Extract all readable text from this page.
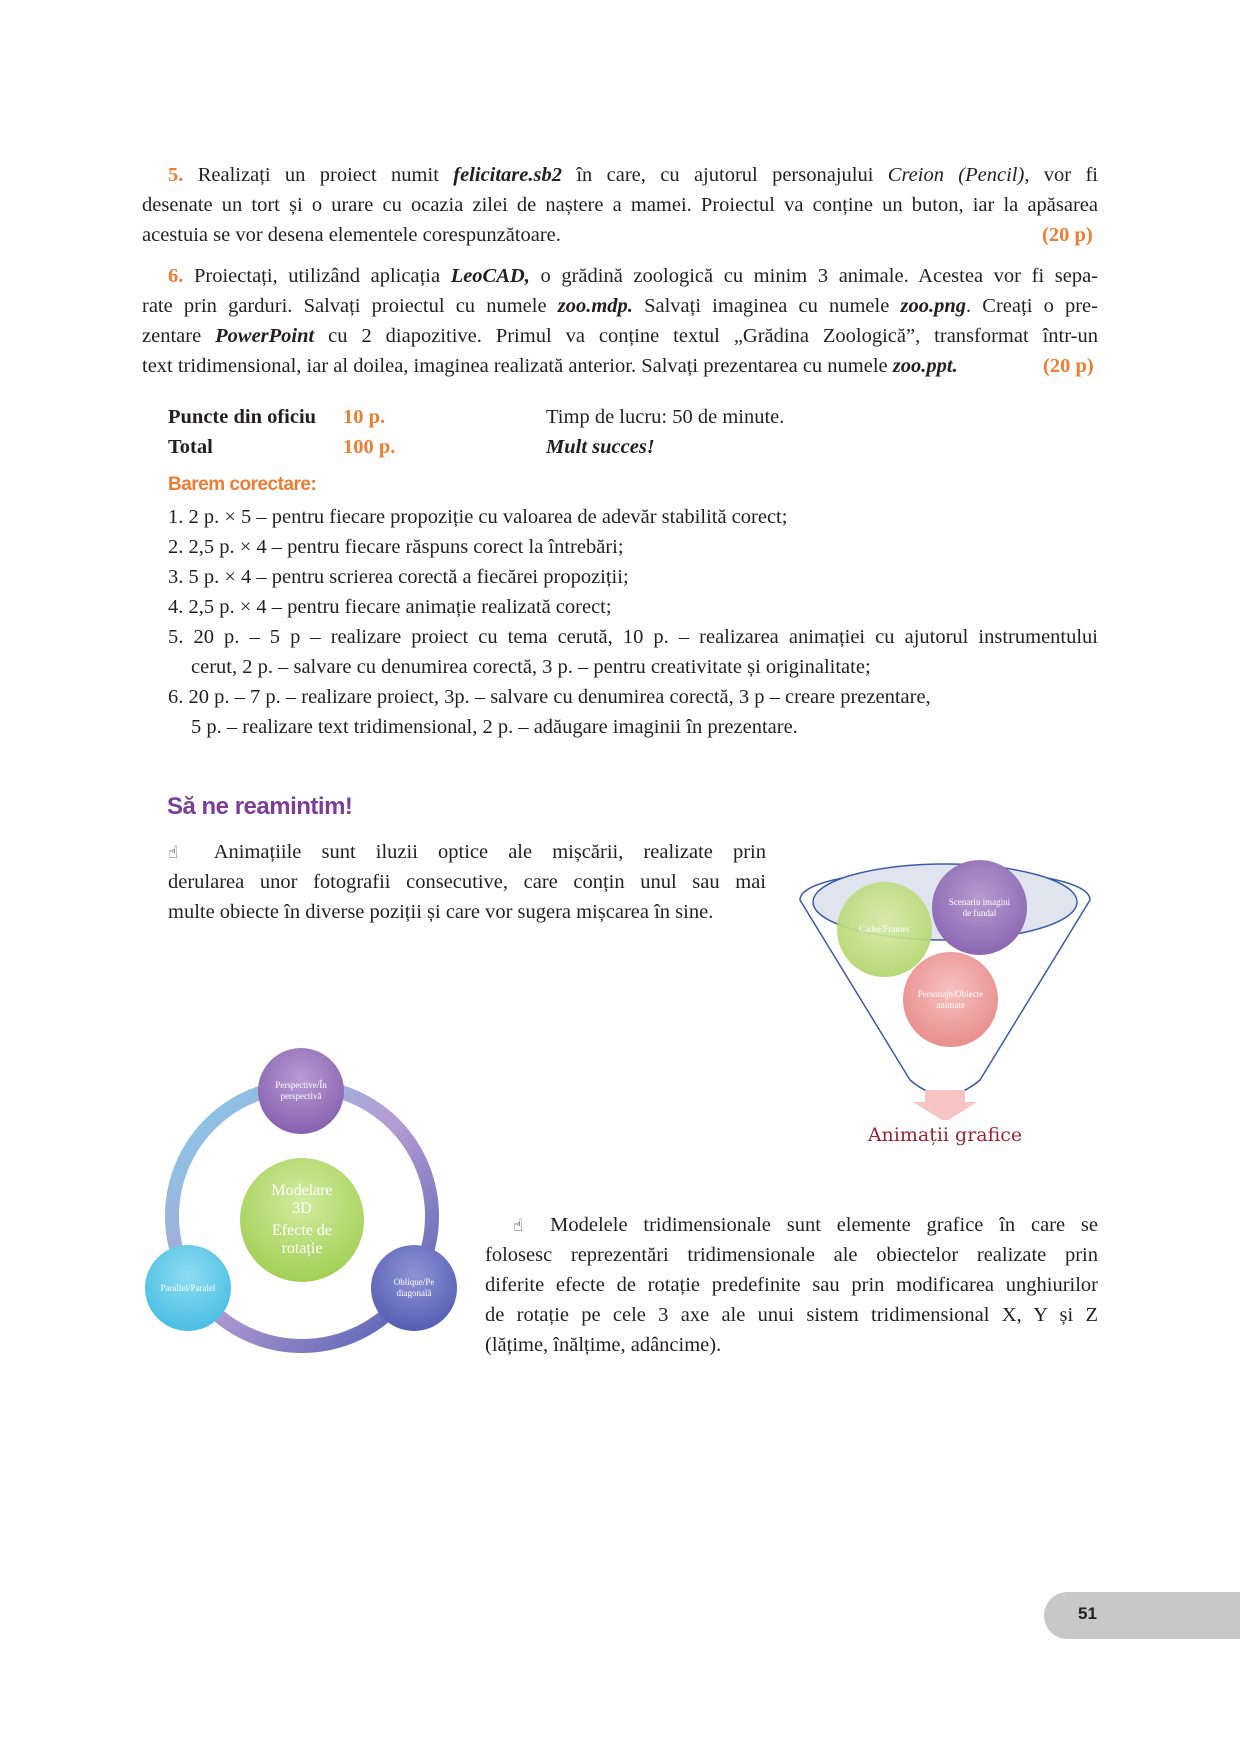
5. Realizați un proiect numit felicitare.sb2 în care, cu ajutorul personajului Creion (Pencil), vor fi
desenate un tort și o urare cu ocazia zilei de naștere a mamei. Proiectul va conține un buton, iar la apăsarea
acestuia se vor desena elementele corespunzătoare.	(20 p)
6. Proiectați, utilizând aplicația LeoCAD, o grădină zoologică cu minim 3 animale. Acestea vor fi sepa-
rate prin garduri. Salvați proiectul cu numele zoo.mdp. Salvați imaginea cu numele zoo.png. Creați o pre-
zentare PowerPoint cu 2 diapozitive. Primul va conține textul „Grădina Zoologică”, transformat într-un
text tridimensional, iar al doilea, imaginea realizată anterior. Salvați prezentarea cu numele zoo.ppt.	(20 p)
Puncte din oficiu 10 p.	Timp de lucru: 50 de minute.
Total	100 p.	Mult succes!
Barem corectare:
1. 2 p. × 5 – pentru fiecare propoziție cu valoarea de adevăr stabilită corect;
2. 2,5 p. × 4 – pentru fiecare răspuns corect la întrebări;
3. 5 p. × 4 – pentru scrierea corectă a fiecărei propoziții;
4. 2,5 p. × 4 – pentru fiecare animație realizată corect;
5. 20 p. – 5 p – realizare proiect cu tema cerută, 10 p. – realizarea animației cu ajutorul instrumentului
cerut, 2 p. – salvare cu denumirea corectă, 3 p. – pentru creativitate și originalitate;
6. 20 p. – 7 p. – realizare proiect, 3p. – salvare cu denumirea corectă, 3 p – creare prezentare,
5 p. – realizare text tridimensional, 2 p. – adăugare imaginii în prezentare.
Să ne reamintim!
☝ Animațiile sunt iluzii optice ale mișcării, realizate prin
derularea unor fotografii consecutive, care conțin unul sau mai
multe obiecte în diverse poziții și care vor sugera mișcarea în sine.
☝ Modelele tridimensionale sunt elemente grafice în care se
folosesc reprezentări tridimensionale ale obiectelor realizate prin
diferite efecte de rotație predefinite sau prin modificarea unghiurilor
de rotație pe cele 3 axe ale unui sistem tridimensional X, Y și Z
(lățime, înălțime, adâncime).
Cadre/Frames
Scenariu imagini de fundal
Personaje/Obiecte animate
Animații grafice
Perspective/În perspectivă
Parallel/Paralel
Oblique/Pe diagonală
Modelare
3D
Efecte de
rotație
51
